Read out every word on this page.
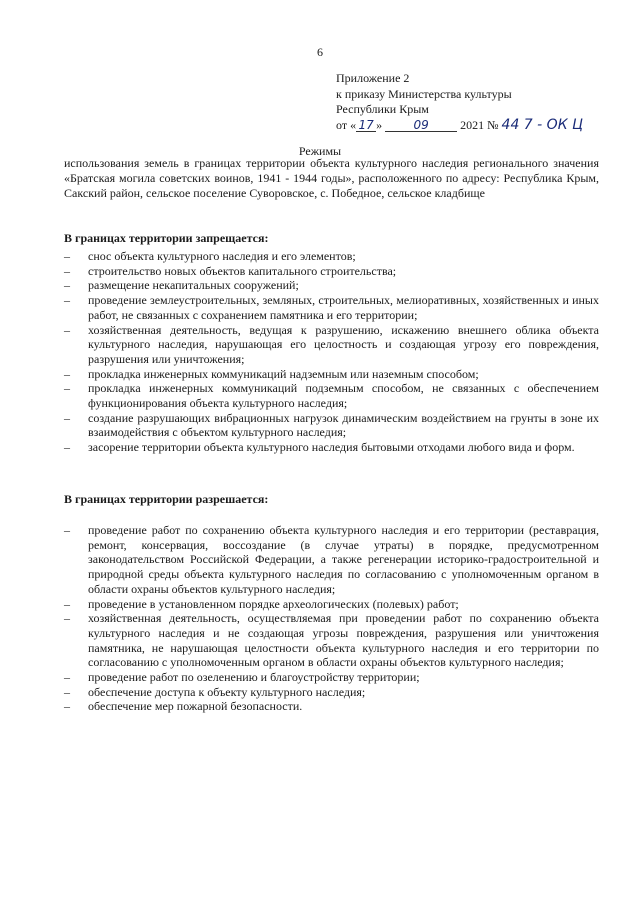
6
Приложение 2
к приказу Министерства культуры
Республики Крым
от « 17 »	09	2021 № 44 7 - ОК Ц
Режимы
использования земель в границах территории объекта культурного наследия регионального значения «Братская могила советских воинов, 1941 - 1944 годы», расположенного по адресу: Республика Крым, Сакский район, сельское поселение Суворовское, с. Победное, сельское кладбище
В границах территории запрещается:
– снос объекта культурного наследия и его элементов;
– строительство новых объектов капитального строительства;
– размещение некапитальных сооружений;
– проведение землеустроительных, земляных, строительных, мелиоративных, хозяйственных и иных работ, не связанных с сохранением памятника и его территории;
– хозяйственная деятельность, ведущая к разрушению, искажению внешнего облика объекта культурного наследия, нарушающая его целостность и создающая угрозу его повреждения, разрушения или уничтожения;
– прокладка инженерных коммуникаций надземным или наземным способом;
– прокладка инженерных коммуникаций подземным способом, не связанных с обеспечением функционирования объекта культурного наследия;
– создание разрушающих вибрационных нагрузок динамическим воздействием на грунты в зоне их взаимодействия с объектом культурного наследия;
– засорение территории объекта культурного наследия бытовыми отходами любого вида и форм.
В границах территории разрешается:
– проведение работ по сохранению объекта культурного наследия и его территории (реставрация, ремонт, консервация, воссоздание (в случае утраты) в порядке, предусмотренном законодательством Российской Федерации, а также регенерации историко-градостроительной и природной среды объекта культурного наследия по согласованию с уполномоченным органом в области охраны объектов культурного наследия;
– проведение в установленном порядке археологических (полевых) работ;
– хозяйственная деятельность, осуществляемая при проведении работ по сохранению объекта культурного наследия и не создающая угрозы повреждения, разрушения или уничтожения памятника, не нарушающая целостности объекта культурного наследия и его территории по согласованию с уполномоченным органом в области охраны объектов культурного наследия;
– проведение работ по озеленению и благоустройству территории;
– обеспечение доступа к объекту культурного наследия;
– обеспечение мер пожарной безопасности.
